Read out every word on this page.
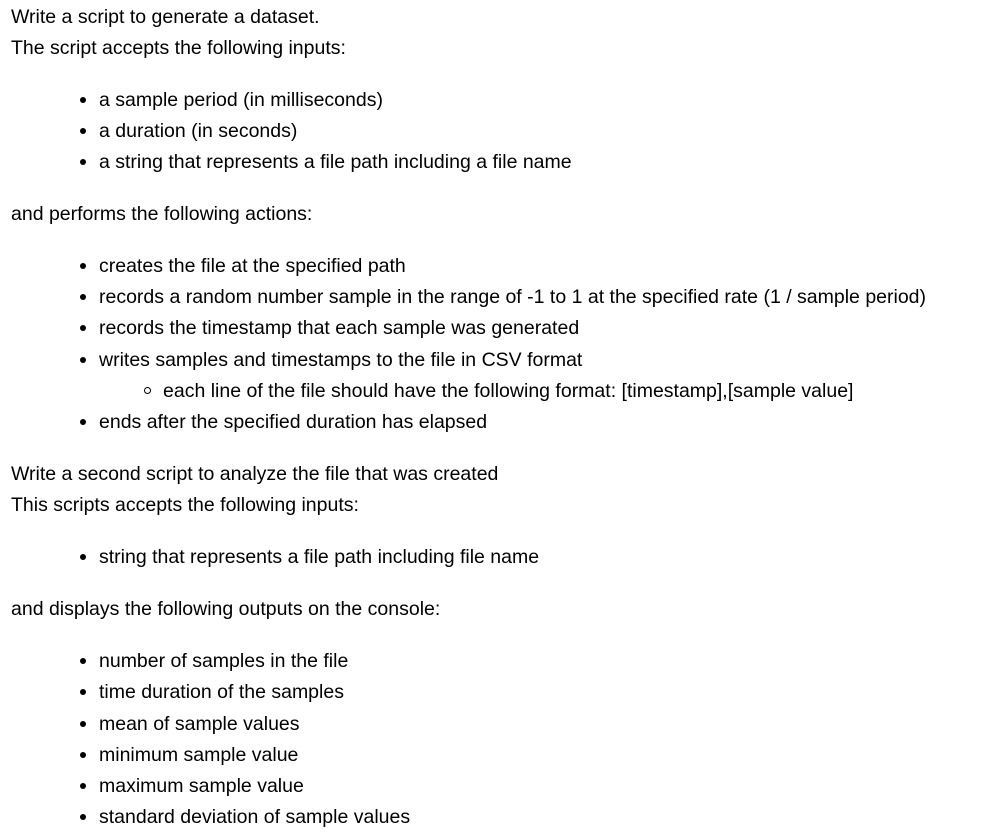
Write a script to generate a dataset.
The script accepts the following inputs:
a sample period (in milliseconds)
a duration (in seconds)
a string that represents a file path including a file name
and performs the following actions:
creates the file at the specified path
records a random number sample in the range of -1 to 1 at the specified rate (1 / sample period)
records the timestamp that each sample was generated
writes samples and timestamps to the file in CSV format
each line of the file should have the following format: [timestamp],[sample value]
ends after the specified duration has elapsed
Write a second script to analyze the file that was created
This scripts accepts the following inputs:
string that represents a file path including file name
and displays the following outputs on the console:
number of samples in the file
time duration of the samples
mean of sample values
minimum sample value
maximum sample value
standard deviation of sample values
